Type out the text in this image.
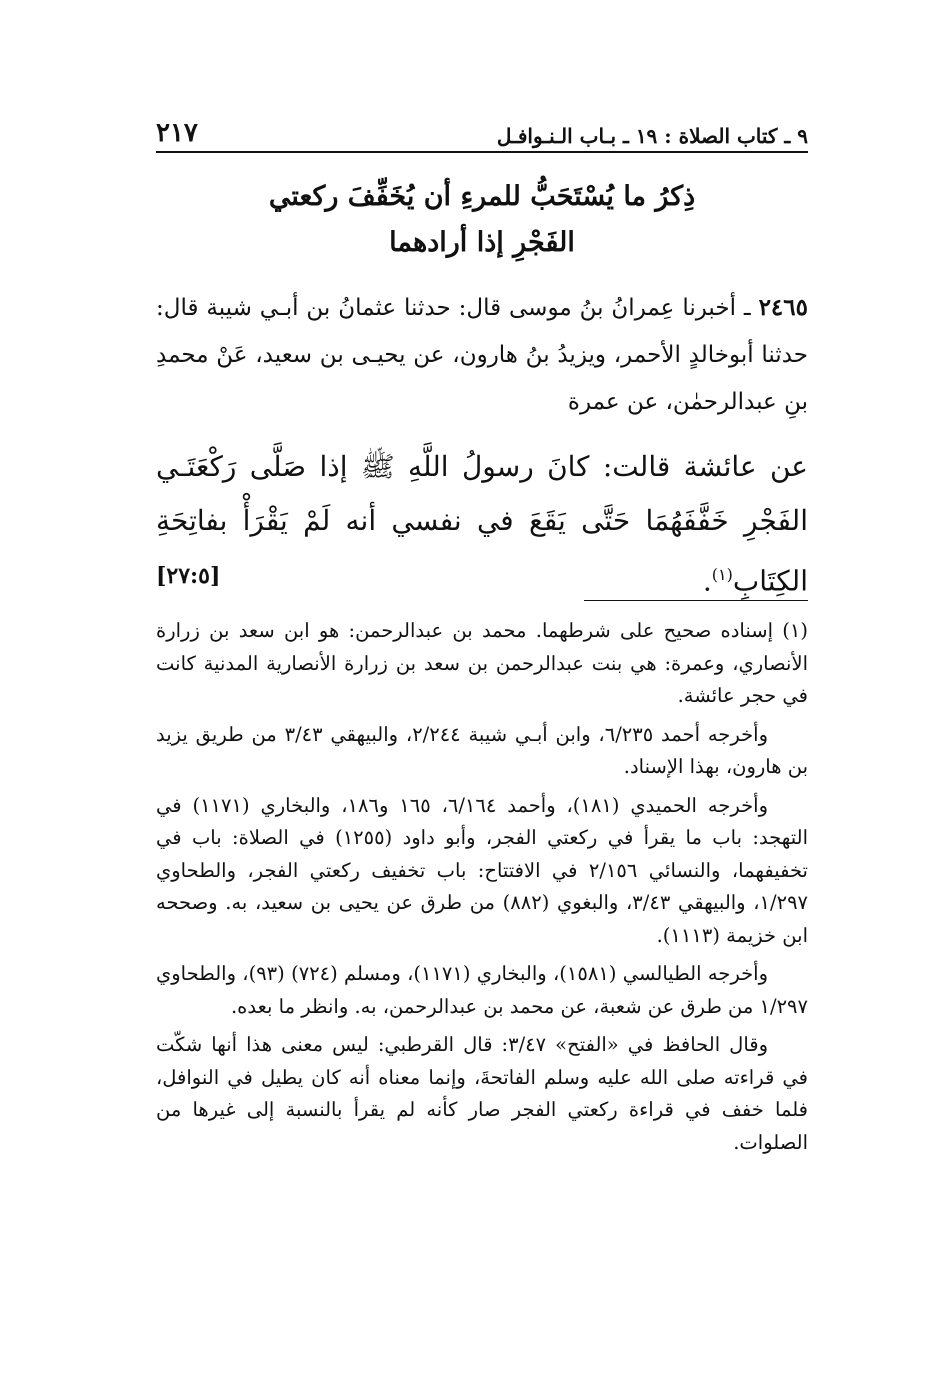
٩ ـ كتاب الصلاة : ١٩ ـ بـاب الـنـوافـل
٢١٧
ذِكرُ ما يُسْتَحَبُّ للمرءِ أن يُخَفِّفَ ركعتي
الفَجْرِ إذا أرادهما
٢٤٦٥ ـ أخبرنا عِمرانُ بنُ موسى قال: حدثنا عثمانُ بن أبـي شيبة قال: حدثنا أبوخالدٍ الأحمر، ويزيدُ بنُ هارون، عن يحيـى بن سعيد، عَنْ محمدِ بنِ عبدالرحمٰن، عن عمرة
عن عائشة قالت: كانَ رسولُ اللَّهِ ﷺ إذا صَلَّى رَكْعَتَـي الفَجْرِ خَفَّفَهُمَا حَتَّى يَقَعَ في نفسي أنه لَمْ يَقْرَأْ بفاتِحَةِ الكِتَابِ$^{(١)}$.
[٢٧:٥]

(١) إسناده صحيح على شرطهما. محمد بن عبدالرحمن: هو ابن سعد بن زرارة الأنصاري، وعمرة: هي بنت عبدالرحمن بن سعد بن زرارة الأنصارية المدنية كانت في حجر عائشة.

وأخرجه أحمد ٦/٢٣٥، وابن أبـي شيبة ٢/٢٤٤، والبيهقي ٣/٤٣ من طريق يزيد بن هارون، بهذا الإسناد.

وأخرجه الحميدي (١٨١)، وأحمد ٦/١٦٤، ١٦٥ و١٨٦، والبخاري (١١٧١) في التهجد: باب ما يقرأ في ركعتي الفجر، وأبو داود (١٢٥٥) في الصلاة: باب في تخفيفهما، والنسائي ٢/١٥٦ في الافتتاح: باب تخفيف ركعتي الفجر، والطحاوي ١/٢٩٧، والبيهقي ٣/٤٣، والبغوي (٨٨٢) من طرق عن يحيى بن سعيد، به. وصححه ابن خزيمة (١١١٣).

وأخرجه الطيالسي (١٥٨١)، والبخاري (١١٧١)، ومسلم (٧٢٤) (٩٣)، والطحاوي ١/٢٩٧ من طرق عن شعبة، عن محمد بن عبدالرحمن، به. وانظر ما بعده.

وقال الحافظ في «الفتح» ٣/٤٧: قال القرطبي: ليس معنى هذا أنها شكّت في قراءته صلى الله عليه وسلم الفاتحةَ، وإنما معناه أنه كان يطيل في النوافل، فلما خفف في قراءة ركعتي الفجر صار كأنه لم يقرأ بالنسبة إلى غيرها من الصلوات.
